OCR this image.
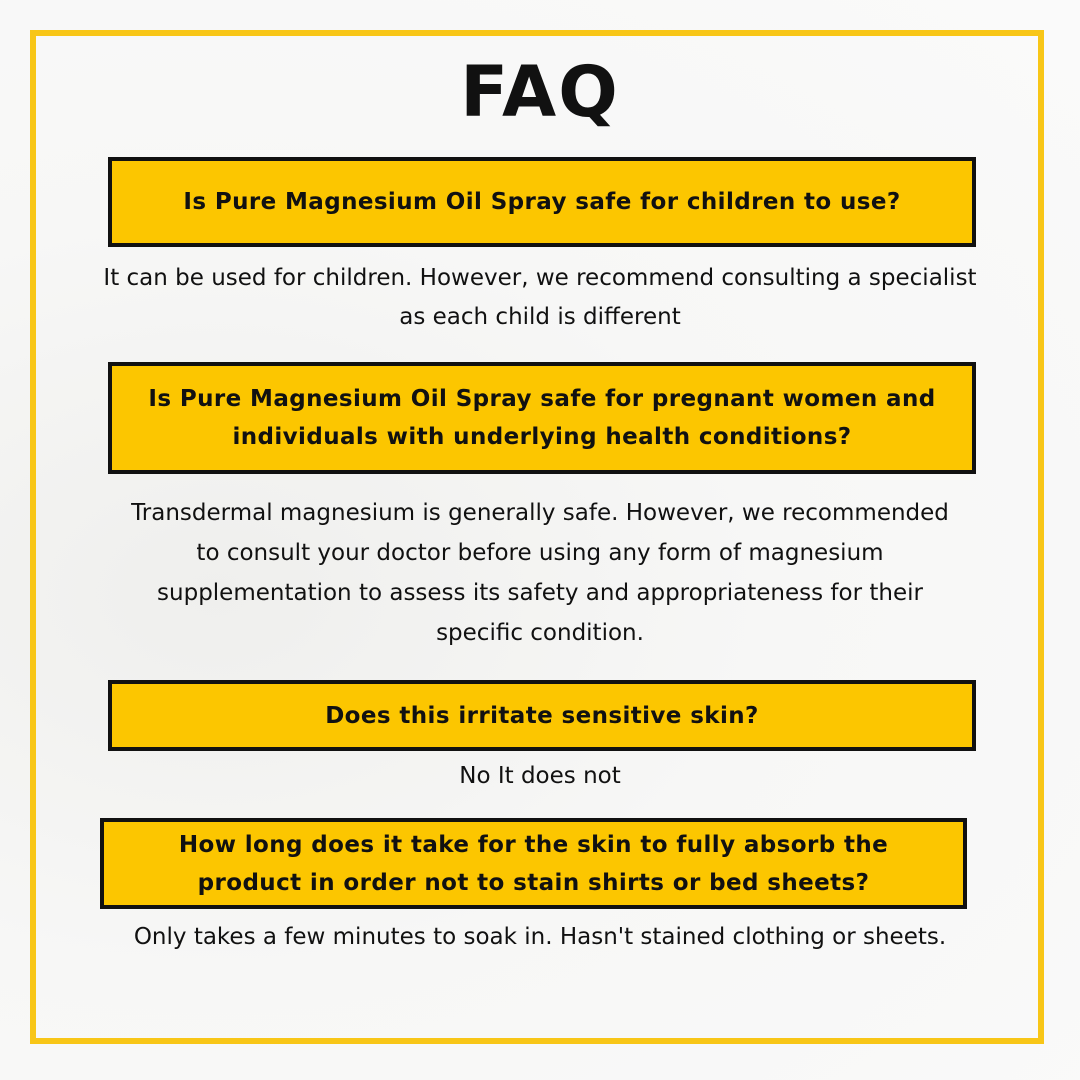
FAQ
Is Pure Magnesium Oil Spray safe for children to use?
It can be used for children. However, we recommend consulting a specialist as each child is different
Is Pure Magnesium Oil Spray safe for pregnant women and individuals with underlying health conditions?
Transdermal magnesium is generally safe. However, we recommended to consult your doctor before using any form of magnesium supplementation to assess its safety and appropriateness for their specific condition.
Does this irritate sensitive skin?
No It does not
How long does it take for the skin to fully absorb the product in order not to stain shirts or bed sheets?
Only takes a few minutes to soak in. Hasn't stained clothing or sheets.
